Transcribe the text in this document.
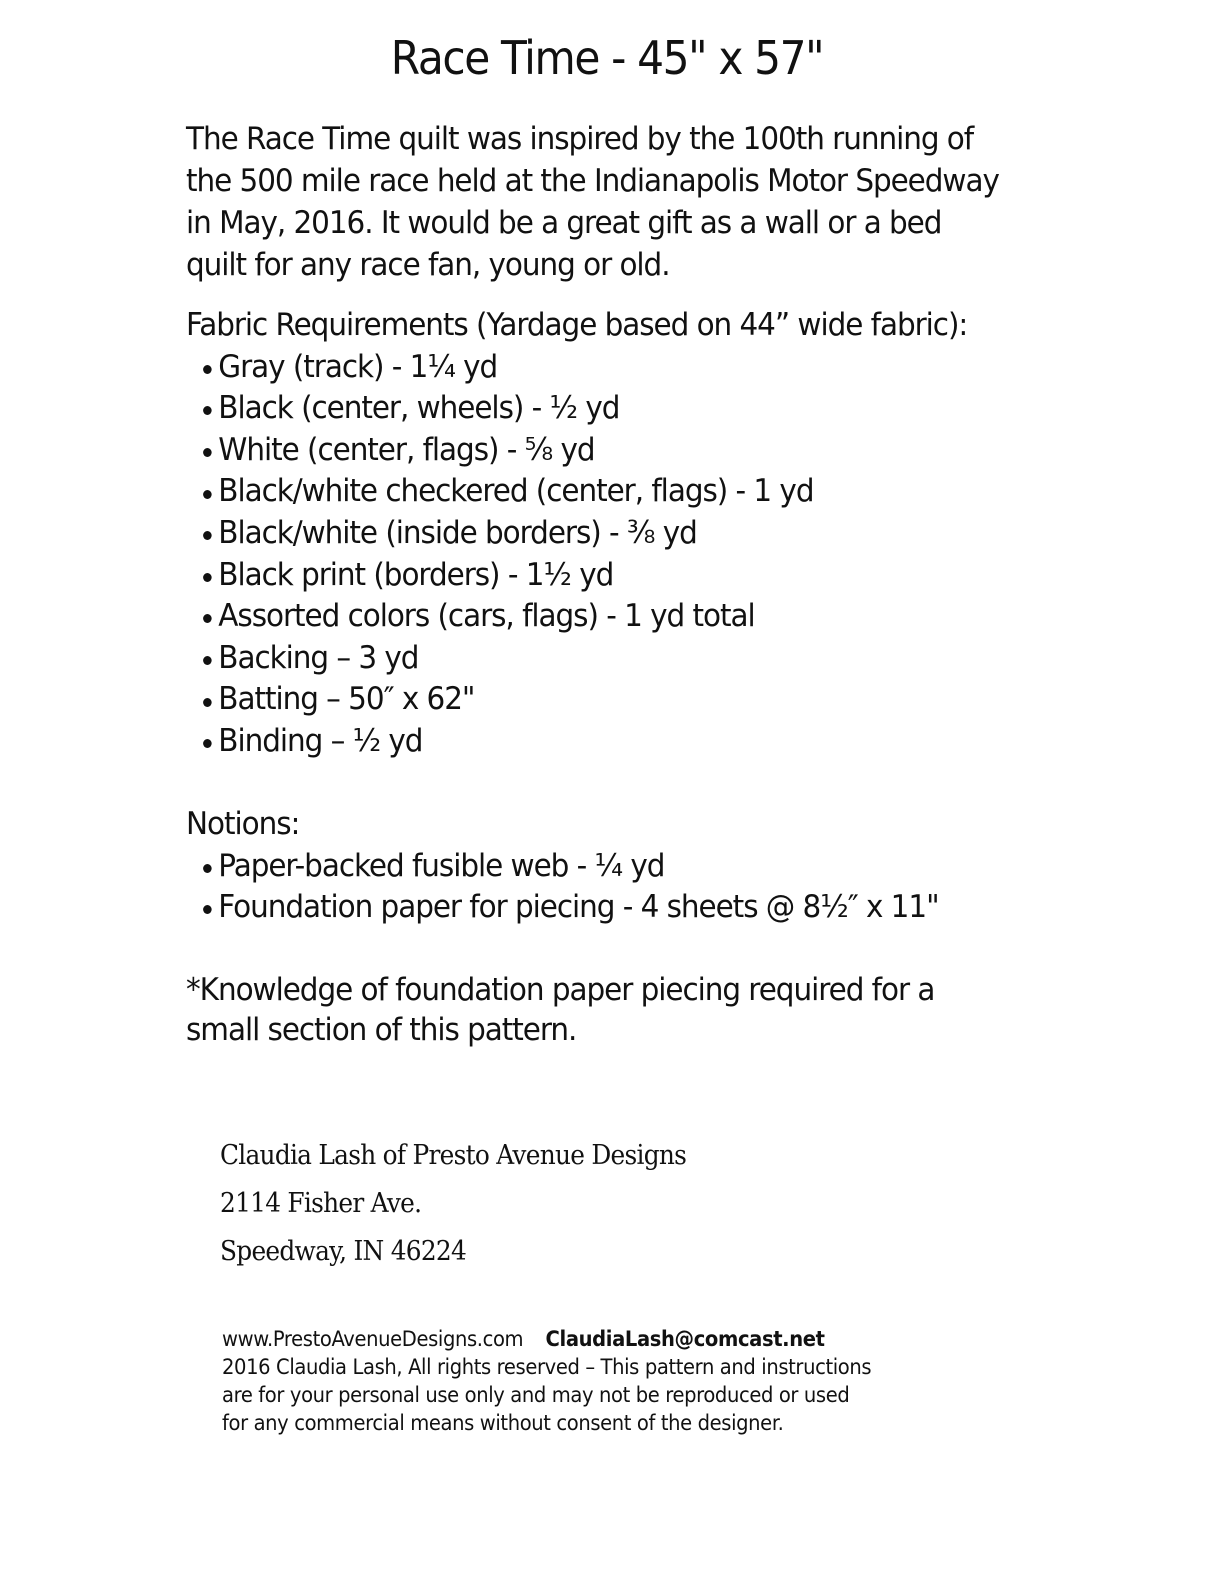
Race Time - 45" x 57"

The Race Time quilt was inspired by the 100th running of

the 500 mile race held at the Indianapolis Motor Speedway

in May, 2016. It would be a great gift as a wall or a bed

quilt for any race fan, young or old.

Fabric Requirements (Yardage based on 44” wide fabric):
Gray (track) - 1¼ yd
Black (center, wheels) - ½ yd
White (center, flags) - ⅝ yd
Black/white checkered (center, flags) - 1 yd
Black/white (inside borders) - ⅜ yd
Black print (borders) - 1½ yd
Assorted colors (cars, flags) - 1 yd total
Backing – 3 yd
Batting – 50″ x 62"
Binding – ½ yd
Notions:
Paper-backed fusible web - ¼ yd
Foundation paper for piecing - 4 sheets @ 8½″ x 11"

*Knowledge of foundation paper piecing required for a

small section of this pattern.

Claudia Lash of Presto Avenue Designs
2114 Fisher Ave.
Speedway, IN 46224
www.PrestoAvenueDesigns.com ClaudiaLash@comcast.net
2016 Claudia Lash, All rights reserved – This pattern and instructions
are for your personal use only and may not be reproduced or used
for any commercial means without consent of the designer.
